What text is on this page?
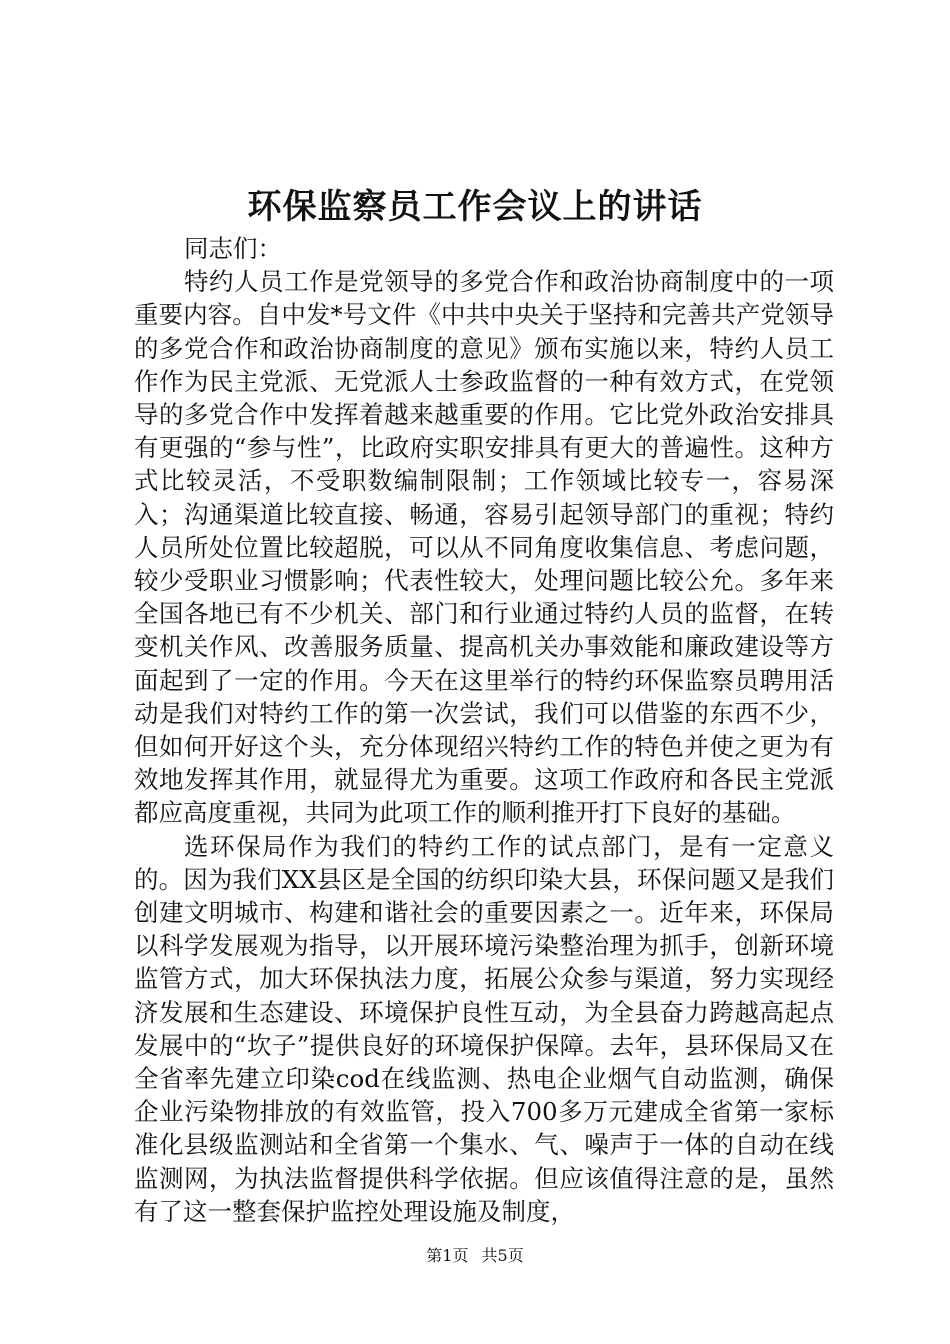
环保监察员工作会议上的讲话

同志们：

特约人员工作是党领导的多党合作和政治协商制度中的一项重要内容。自中发*号文件《中共中央关于坚持和完善共产党领导的多党合作和政治协商制度的意见》颁布实施以来，特约人员工作作为民主党派、无党派人士参政监督的一种有效方式，在党领导的多党合作中发挥着越来越重要的作用。它比党外政治安排具有更强的“参与性”，比政府实职安排具有更大的普遍性。这种方式比较灵活，不受职数编制限制；工作领域比较专一，容易深入；沟通渠道比较直接、畅通，容易引起领导部门的重视；特约人员所处位置比较超脱，可以从不同角度收集信息、考虑问题，较少受职业习惯影响；代表性较大，处理问题比较公允。多年来全国各地已有不少机关、部门和行业通过特约人员的监督，在转变机关作风、改善服务质量、提高机关办事效能和廉政建设等方面起到了一定的作用。今天在这里举行的特约环保监察员聘用活动是我们对特约工作的第一次尝试，我们可以借鉴的东西不少，但如何开好这个头，充分体现绍兴特约工作的特色并使之更为有效地发挥其作用，就显得尤为重要。这项工作政府和各民主党派都应高度重视，共同为此项工作的顺利推开打下良好的基础。

选环保局作为我们的特约工作的试点部门，是有一定意义的。因为我们XX县区是全国的纺织印染大县，环保问题又是我们创建文明城市、构建和谐社会的重要因素之一。近年来，环保局以科学发展观为指导，以开展环境污染整治理为抓手，创新环境监管方式，加大环保执法力度，拓展公众参与渠道，努力实现经济发展和生态建设、环境保护良性互动，为全县奋力跨越高起点发展中的“坎子”提供良好的环境保护保障。去年，县环保局又在全省率先建立印染cod在线监测、热电企业烟气自动监测，确保企业污染物排放的有效监管，投入700多万元建成全省第一家标准化县级监测站和全省第一个集水、气、噪声于一体的自动在线监测网，为执法监督提供科学依据。但应该值得注意的是，虽然有了这一整套保护监控处理设施及制度，

第1页 共5页
